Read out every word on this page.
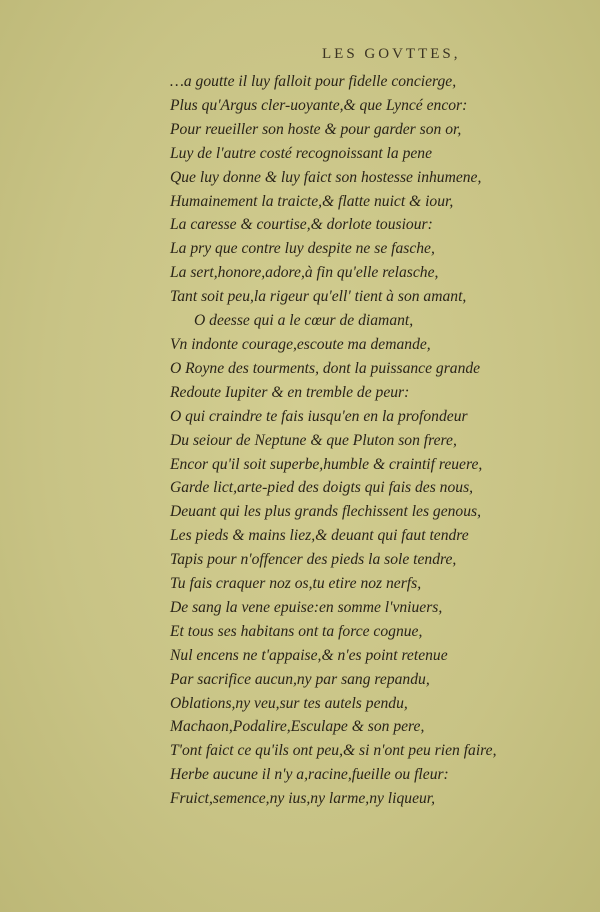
LES GOVTTES,
…a goutte il luy falloit pour fidelle concierge,
Plus qu'Argus cler-uoyante,& que Lyncé encor:
Pour reueiller son hoste & pour garder son or,
Luy de l'autre costé recognoissant la pene
Que luy donne & luy faict son hostesse inhumene,
Humainement la traicte,& flatte nuict & iour,
La caresse & courtise,& dorlote tousiour:
La pry que contre luy despite ne se fasche,
La sert,honore,adore,à fin qu'elle relasche,
Tant soit peu,la rigeur qu'ell' tient à son amant,
O deesse qui a le cœur de diamant,
Vn indonte courage,escoute ma demande,
O Royne des tourments, dont la puissance grande
Redoute Iupiter & en tremble de peur:
O qui craindre te fais iusqu'en en la profondeur
Du seiour de Neptune & que Pluton son frere,
Encor qu'il soit superbe,humble & craintif reuere,
Garde lict,arte-pied des doigts qui fais des nous,
Deuant qui les plus grands flechissent les genous,
Les pieds & mains liez,& deuant qui faut tendre
Tapis pour n'offencer des pieds la sole tendre,
Tu fais craquer noz os,tu etire noz nerfs,
De sang la vene epuise:en somme l'vniuers,
Et tous ses habitans ont ta force cognue,
Nul encens ne t'appaise,& n'es point retenue
Par sacrifice aucun,ny par sang repandu,
Oblations,ny veu,sur tes autels pendu,
Machaon,Podalire,Esculape & son pere,
T'ont faict ce qu'ils ont peu,& si n'ont peu rien faire,
Herbe aucune il n'y a,racine,fueille ou fleur:
Fruict,semence,ny ius,ny larme,ny liqueur,
